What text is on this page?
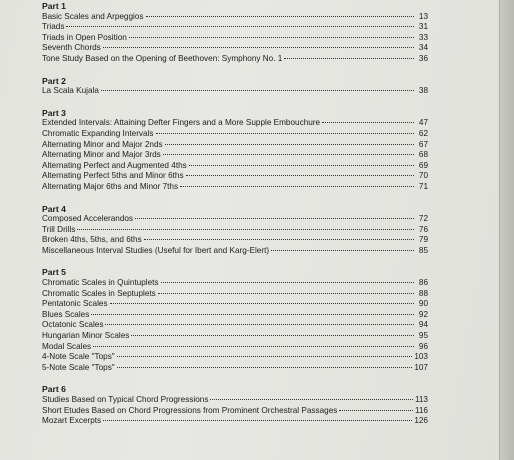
Part 1
Basic Scales and Arpeggios	13
Triads	31
Triads in Open Position	33
Seventh Chords	34
Tone Study Based on the Opening of Beethoven: Symphony No. 1	36
Part 2
La Scala Kujala	38
Part 3
Extended Intervals: Attaining Defter Fingers and a More Supple Embouchure	47
Chromatic Expanding Intervals	62
Alternating Minor and Major 2nds	67
Alternating Minor and Major 3rds	68
Alternating Perfect and Augmented 4ths	69
Alternating Perfect 5ths and Minor 6ths	70
Alternating Major 6ths and Minor 7ths	71
Part 4
Composed Accelerandos	72
Trill Drills	76
Broken 4ths, 5ths, and 6ths	79
Miscellaneous Interval Studies (Useful for Ibert and Karg-Elert)	85
Part 5
Chromatic Scales in Quintuplets	86
Chromatic Scales in Septuplets	88
Pentatonic Scales	90
Blues Scales	92
Octatonic Scales	94
Hungarian Minor Scales	95
Modal Scales	96
4-Note Scale "Tops"	103
5-Note Scale "Tops"	107
Part 6
Studies Based on Typical Chord Progressions	113
Short Etudes Based on Chord Progressions from Prominent Orchestral Passages	116
Mozart Excerpts	126
